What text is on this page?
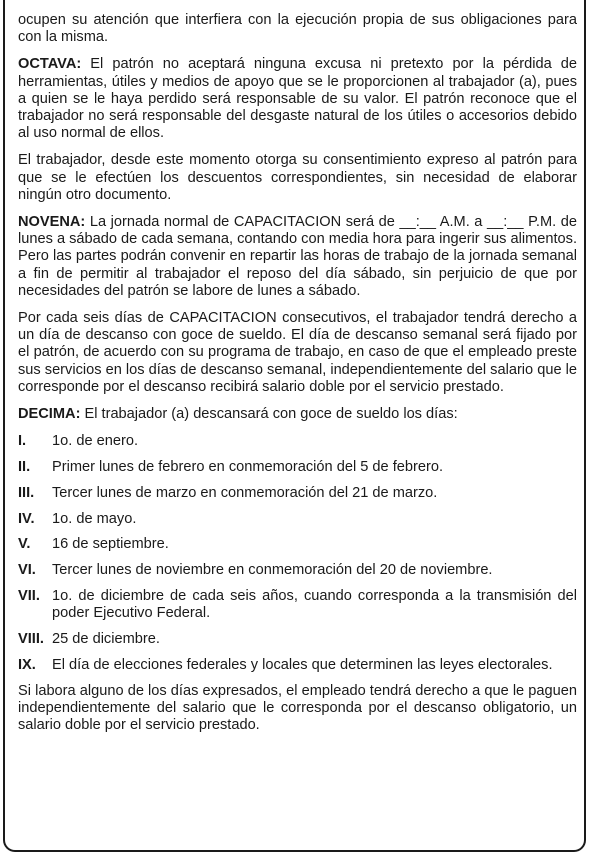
ocupen su atención que interfiera con la ejecución propia de sus obligaciones para con la misma.

OCTAVA: El patrón no aceptará ninguna excusa ni pretexto por la pérdida de herramientas, útiles y medios de apoyo que se le proporcionen al trabajador (a), pues a quien se le haya perdido será responsable de su valor. El patrón reconoce que el trabajador no será responsable del desgaste natural de los útiles o accesorios debido al uso normal de ellos.

El trabajador, desde este momento otorga su consentimiento expreso al patrón para que se le efectúen los descuentos correspondientes, sin necesidad de elaborar ningún otro documento.

NOVENA: La jornada normal de CAPACITACION será de __:__ A.M. a __:__ P.M. de lunes a sábado de cada semana, contando con media hora para ingerir sus alimentos. Pero las partes podrán convenir en repartir las horas de trabajo de la jornada semanal a fin de permitir al trabajador el reposo del día sábado, sin perjuicio de que por necesidades del patrón se labore de lunes a sábado.

Por cada seis días de CAPACITACION consecutivos, el trabajador tendrá derecho a un día de descanso con goce de sueldo. El día de descanso semanal será fijado por el patrón, de acuerdo con su programa de trabajo, en caso de que el empleado preste sus servicios en los días de descanso semanal, independientemente del salario que le corresponde por el descanso recibirá salario doble por el servicio prestado.

DECIMA: El trabajador (a) descansará con goce de sueldo los días:

I.	1o. de enero.
II.	Primer lunes de febrero en conmemoración del 5 de febrero.
III.	Tercer lunes de marzo en conmemoración del 21 de marzo.
IV.	1o. de mayo.
V.	16 de septiembre.
VI.	Tercer lunes de noviembre en conmemoración del 20 de noviembre.
VII. 1o. de diciembre de cada seis años, cuando corresponda a la transmisión del poder Ejecutivo Federal.
VIII. 25 de diciembre.
IX.	El día de elecciones federales y locales que determinen las leyes electorales.

Si labora alguno de los días expresados, el empleado tendrá derecho a que le paguen independientemente del salario que le corresponda por el descanso obligatorio, un salario doble por el servicio prestado.
